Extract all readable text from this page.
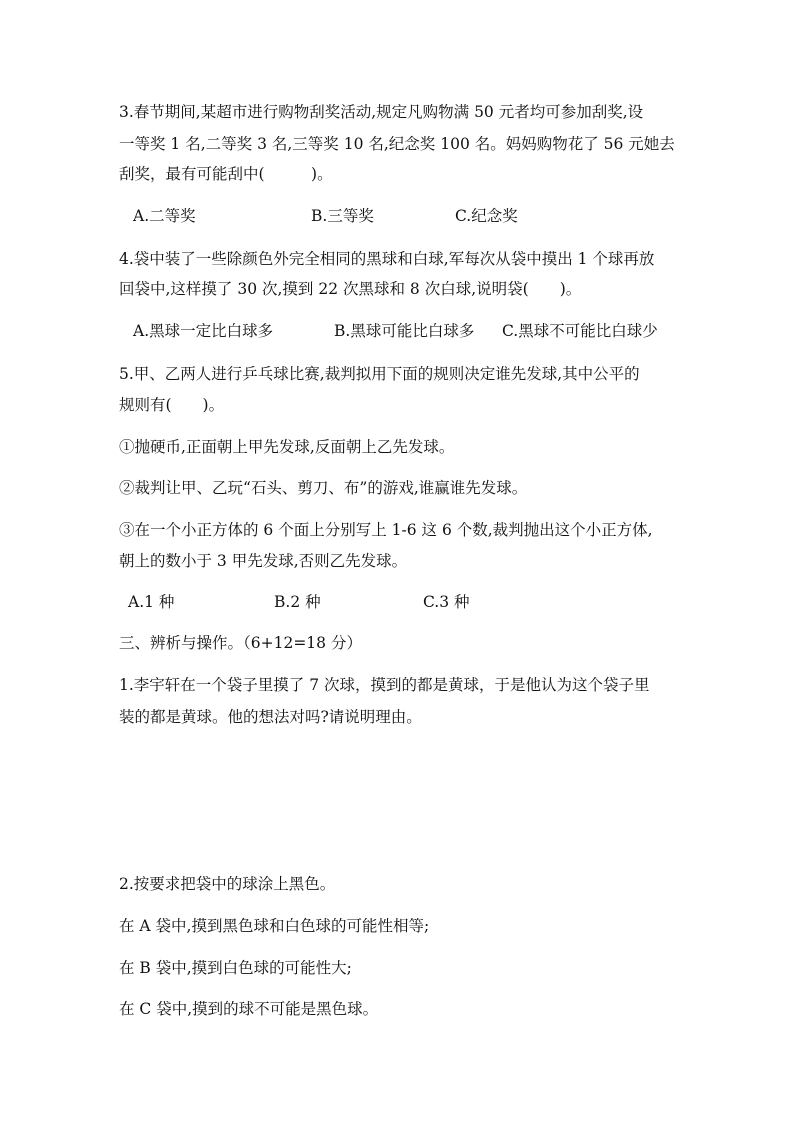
3.春节期间,某超市进行购物刮奖活动,规定凡购物满 50 元者均可参加刮奖,设
一等奖 1 名,二等奖 3 名,三等奖 10 名,纪念奖 100 名。妈妈购物花了 56 元她去
刮奖，最有可能刮中(　　　)。
A.二等奖	B.三等奖	C.纪念奖
4.袋中装了一些除颜色外完全相同的黑球和白球,军每次从袋中摸出 1 个球再放
回袋中,这样摸了 30 次,摸到 22 次黑球和 8 次白球,说明袋(　　)。
A.黑球一定比白球多	B.黑球可能比白球多 C.黑球不可能比白球少
5.甲、乙两人进行乒乓球比赛,裁判拟用下面的规则决定谁先发球,其中公平的
规则有(　　)。
①抛硬币,正面朝上甲先发球,反面朝上乙先发球。
②裁判让甲、乙玩“石头、剪刀、布”的游戏,谁赢谁先发球。
③在一个小正方体的 6 个面上分别写上 1-6 这 6 个数,裁判抛出这个小正方体,
朝上的数小于 3 甲先发球,否则乙先发球。
A.1 种	B.2 种	C.3 种
三、辨析与操作。（6+12=18 分）
1.李宇轩在一个袋子里摸了 7 次球，摸到的都是黄球，于是他认为这个袋子里
装的都是黄球。他的想法对吗?请说明理由。
2.按要求把袋中的球涂上黑色。
在 A 袋中,摸到黑色球和白色球的可能性相等;
在 B 袋中,摸到白色球的可能性大;
在 C 袋中,摸到的球不可能是黑色球。
